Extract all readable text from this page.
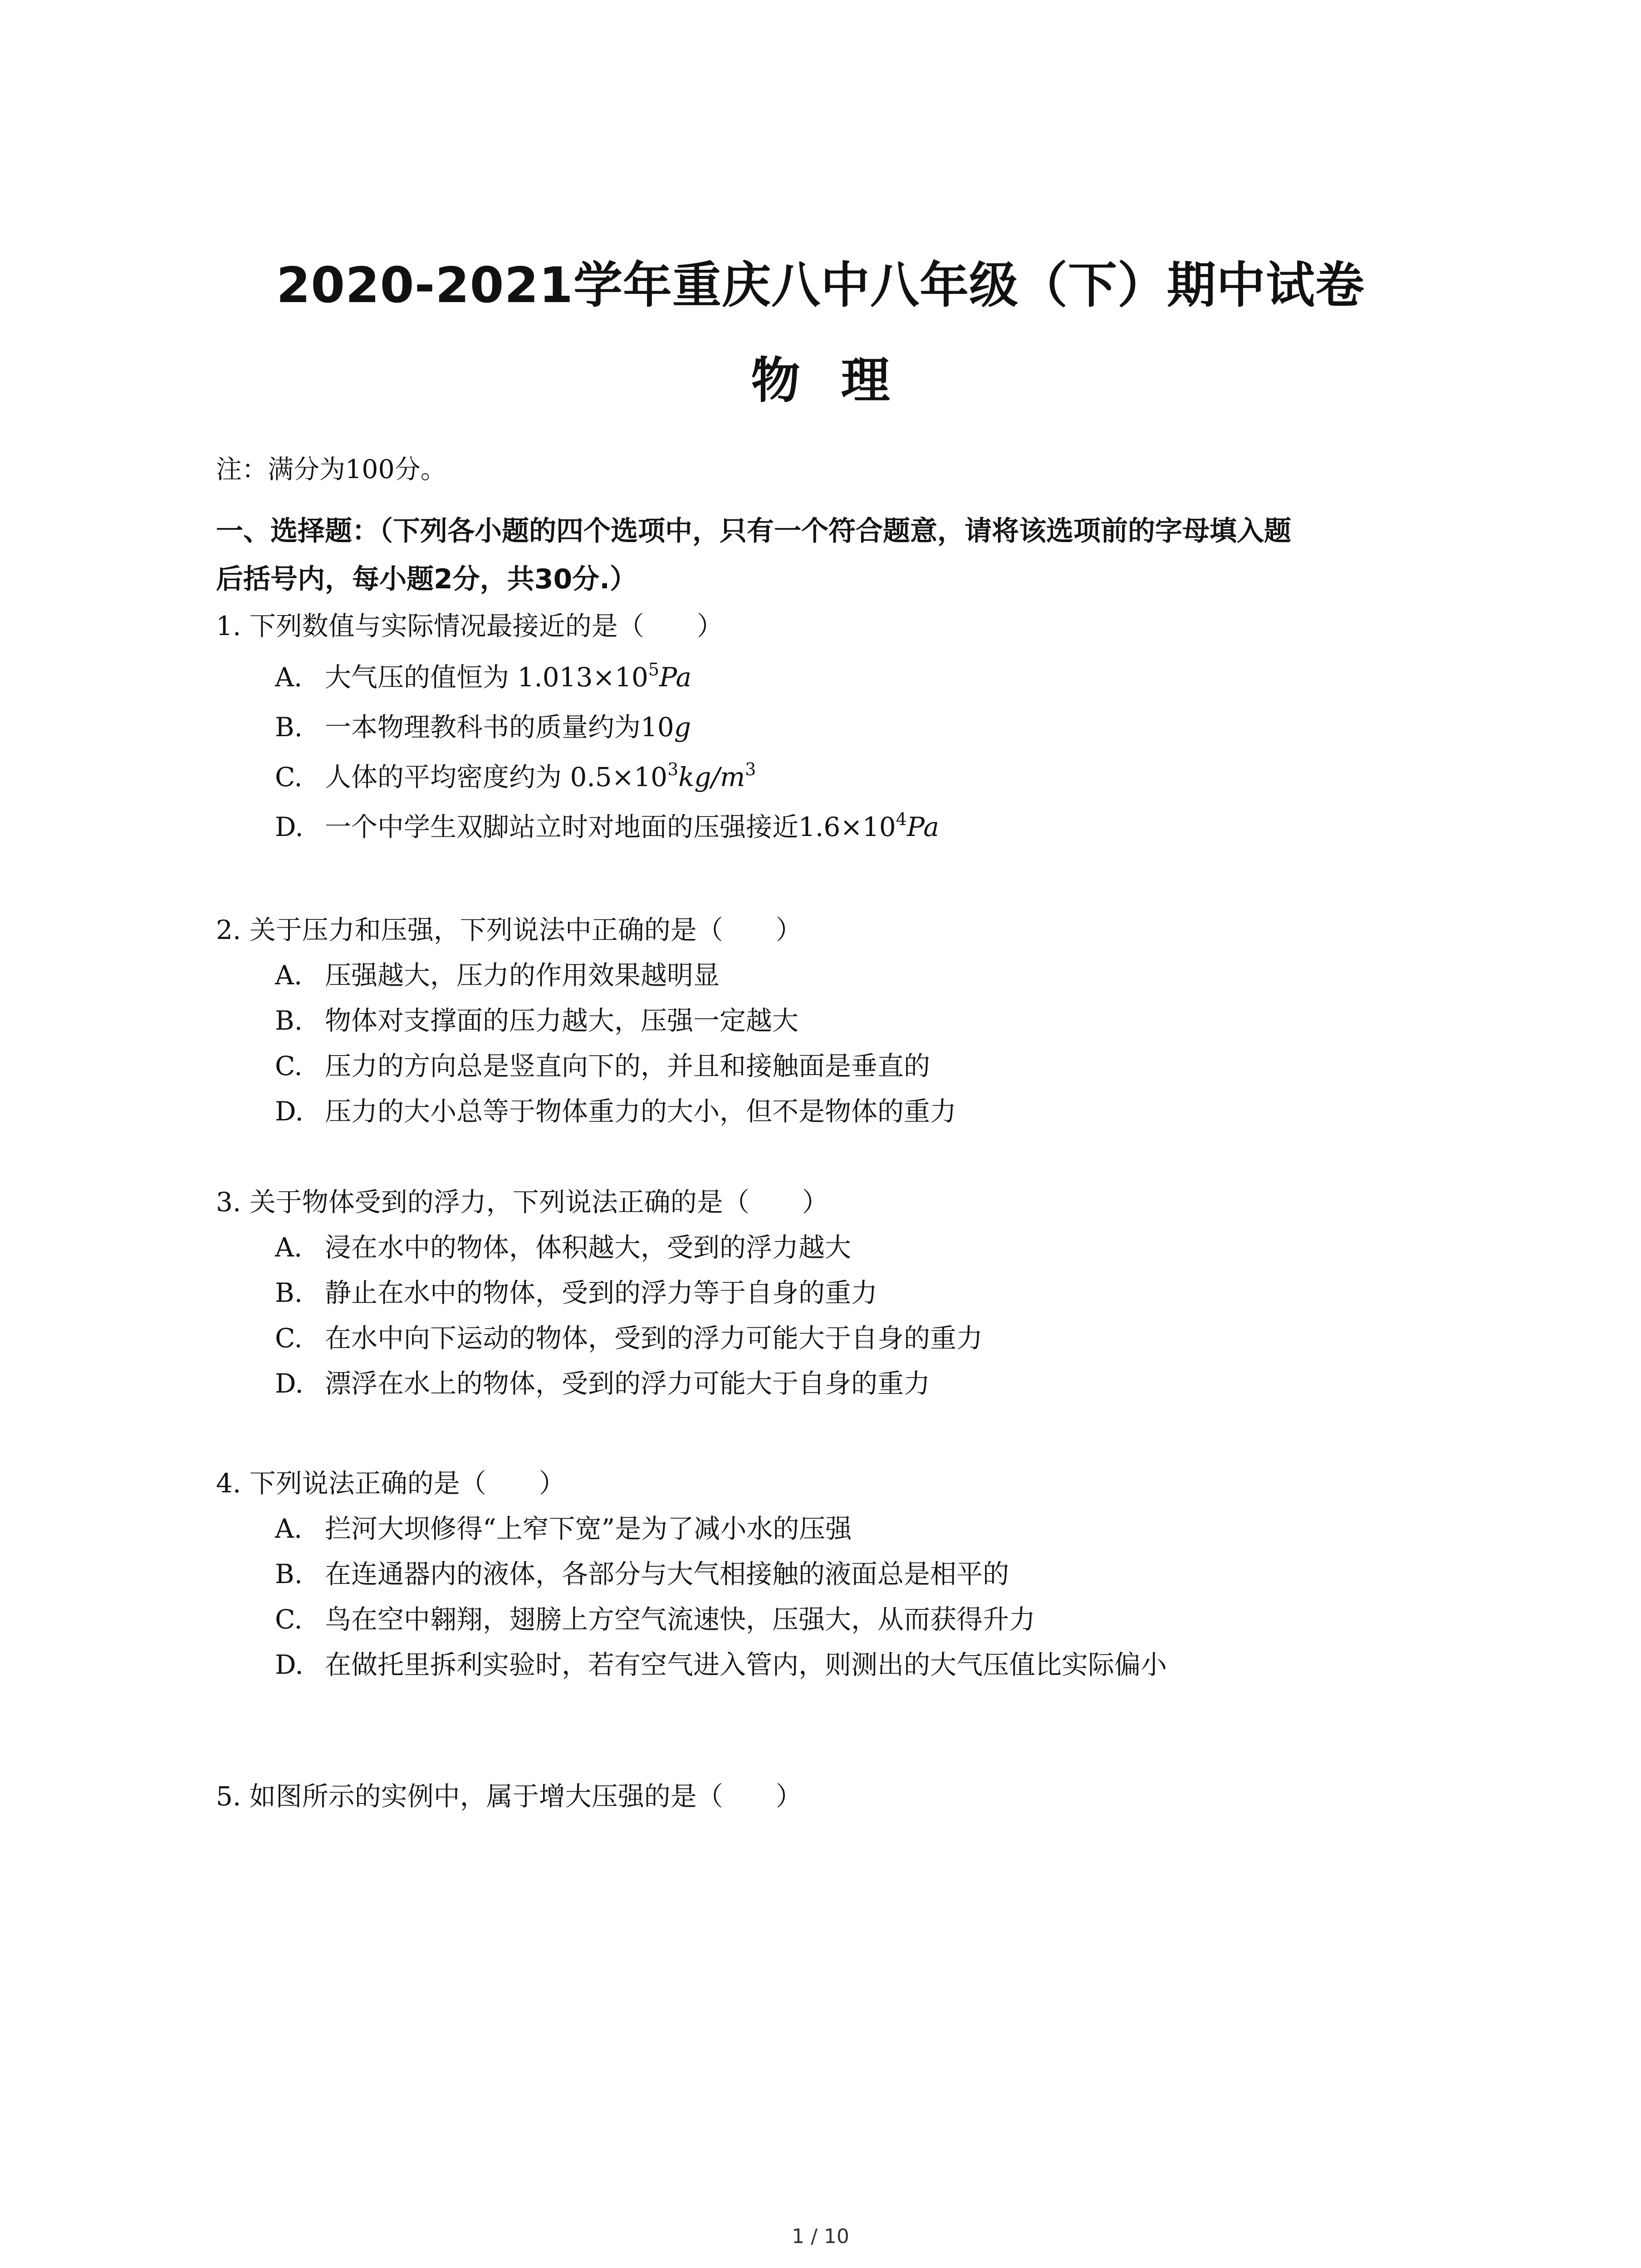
2020-2021学年重庆八中八年级（下）期中试卷
物理
注：满分为100分。
一、选择题：（下列各小题的四个选项中，只有一个符合题意，请将该选项前的字母填入题
后括号内，每小题2分，共30分.）
1. 下列数值与实际情况最接近的是（　　）
A. 大气压的值恒为 $1.013\times 10^5Pa$
B. 一本物理教科书的质量约为10g
C. 人体的平均密度约为 $0.5\times 10^3kg/m^3$
D. 一个中学生双脚站立时对地面的压强接近$1.6\times 10^4Pa$
2. 关于压力和压强，下列说法中正确的是（　　）
A. 压强越大，压力的作用效果越明显
B. 物体对支撑面的压力越大，压强一定越大
C. 压力的方向总是竖直向下的，并且和接触面是垂直的
D. 压力的大小总等于物体重力的大小，但不是物体的重力
3. 关于物体受到的浮力，下列说法正确的是（　　）
A. 浸在水中的物体，体积越大，受到的浮力越大
B. 静止在水中的物体，受到的浮力等于自身的重力
C. 在水中向下运动的物体，受到的浮力可能大于自身的重力
D. 漂浮在水上的物体，受到的浮力可能大于自身的重力
4. 下列说法正确的是（　　）
A. 拦河大坝修得“上窄下宽”是为了减小水的压强
B. 在连通器内的液体，各部分与大气相接触的液面总是相平的
C. 鸟在空中翱翔，翅膀上方空气流速快，压强大，从而获得升力
D. 在做托里拆利实验时，若有空气进入管内，则测出的大气压值比实际偏小
5. 如图所示的实例中，属于增大压强的是（　　）
1 / 10
